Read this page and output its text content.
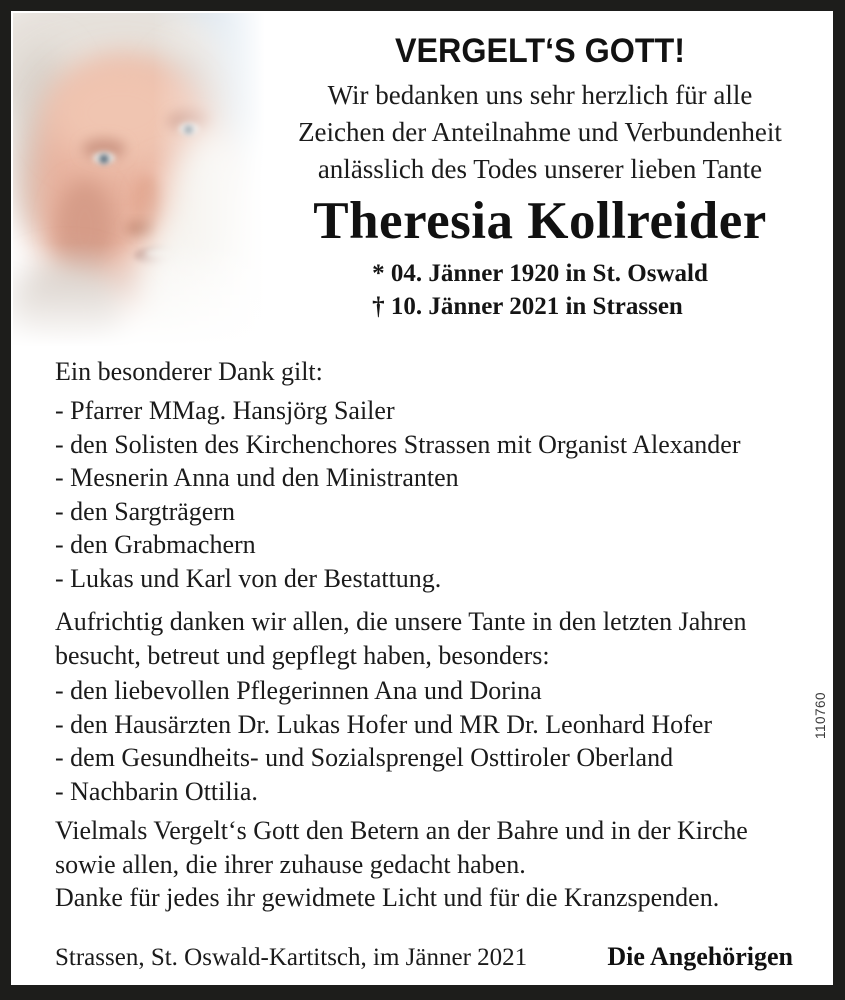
VERGELT‘S GOTT!
Wir bedanken uns sehr herzlich für alle
Zeichen der Anteilnahme und Verbundenheit
anlässlich des Todes unserer lieben Tante
Theresia Kollreider
* 04. Jänner 1920 in St. Oswald
† 10. Jänner 2021 in Strassen
Ein besonderer Dank gilt:
- Pfarrer MMag. Hansjörg Sailer
- den Solisten des Kirchenchores Strassen mit Organist Alexander
- Mesnerin Anna und den Ministranten
- den Sargträgern
- den Grabmachern
- Lukas und Karl von der Bestattung.
Aufrichtig danken wir allen, die unsere Tante in den letzten Jahren
besucht, betreut und gepflegt haben, besonders:
- den liebevollen Pflegerinnen Ana und Dorina
- den Hausärzten Dr. Lukas Hofer und MR Dr. Leonhard Hofer
- dem Gesundheits- und Sozialsprengel Osttiroler Oberland
- Nachbarin Ottilia.
Vielmals Vergelt‘s Gott den Betern an der Bahre und in der Kirche
sowie allen, die ihrer zuhause gedacht haben.
Danke für jedes ihr gewidmete Licht und für die Kranzspenden.
Strassen, St. Oswald-Kartitsch, im Jänner 2021	Die Angehörigen
110760
